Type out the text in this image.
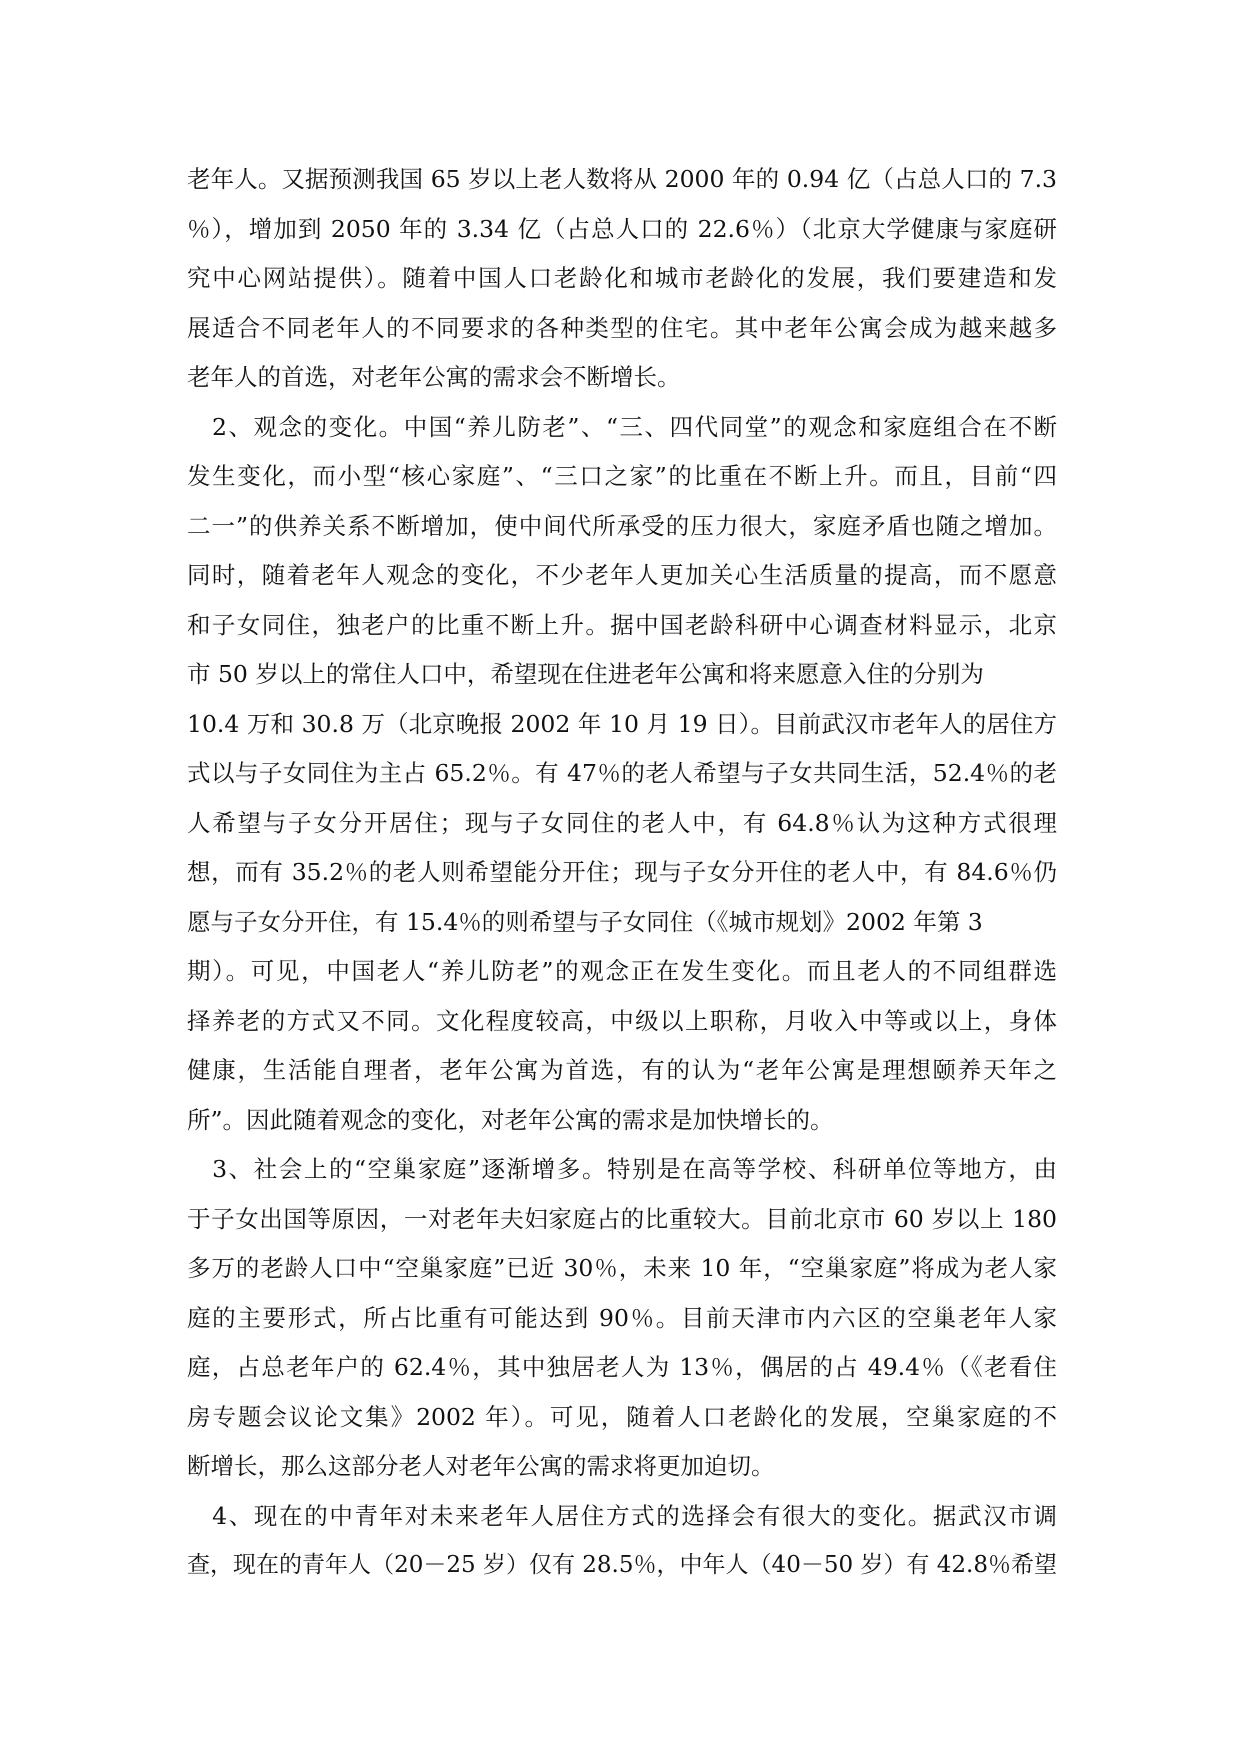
老年人。又据预测我国 65 岁以上老人数将从 2000 年的 0.94 亿（占总人口的 7.3
％），增加到 2050 年的 3.34 亿（占总人口的 22.6％）（北京大学健康与家庭研
究中心网站提供）。随着中国人口老龄化和城市老龄化的发展，我们要建造和发
展适合不同老年人的不同要求的各种类型的住宅。其中老年公寓会成为越来越多
老年人的首选，对老年公寓的需求会不断增长。
　2、观念的变化。中国“养儿防老”、“三、四代同堂”的观念和家庭组合在不断
发生变化，而小型“核心家庭”、“三口之家”的比重在不断上升。而且，目前“四
二一”的供养关系不断增加，使中间代所承受的压力很大，家庭矛盾也随之增加。
同时，随着老年人观念的变化，不少老年人更加关心生活质量的提高，而不愿意
和子女同住，独老户的比重不断上升。据中国老龄科研中心调查材料显示，北京
市 50 岁以上的常住人口中，希望现在住进老年公寓和将来愿意入住的分别为
10.4 万和 30.8 万（北京晚报 2002 年 10 月 19 日）。目前武汉市老年人的居住方
式以与子女同住为主占 65.2％。有 47％的老人希望与子女共同生活，52.4％的老
人希望与子女分开居住；现与子女同住的老人中，有 64.8％认为这种方式很理
想，而有 35.2％的老人则希望能分开住；现与子女分开住的老人中，有 84.6％仍
愿与子女分开住，有 15.4％的则希望与子女同住（《城市规划》2002 年第 3
期）。可见，中国老人“养儿防老”的观念正在发生变化。而且老人的不同组群选
择养老的方式又不同。文化程度较高，中级以上职称，月收入中等或以上，身体
健康，生活能自理者，老年公寓为首选，有的认为“老年公寓是理想颐养天年之
所”。因此随着观念的变化，对老年公寓的需求是加快增长的。
　3、社会上的“空巢家庭”逐渐增多。特别是在高等学校、科研单位等地方，由
于子女出国等原因，一对老年夫妇家庭占的比重较大。目前北京市 60 岁以上 180
多万的老龄人口中“空巢家庭”已近 30％，未来 10 年，“空巢家庭”将成为老人家
庭的主要形式，所占比重有可能达到 90％。目前天津市内六区的空巢老年人家
庭，占总老年户的 62.4％，其中独居老人为 13％，偶居的占 49.4％（《老看住
房专题会议论文集》2002 年）。可见，随着人口老龄化的发展，空巢家庭的不
断增长，那么这部分老人对老年公寓的需求将更加迫切。
　4、现在的中青年对未来老年人居住方式的选择会有很大的变化。据武汉市调
查，现在的青年人（20－25 岁）仅有 28.5％，中年人（40－50 岁）有 42.8％希望
